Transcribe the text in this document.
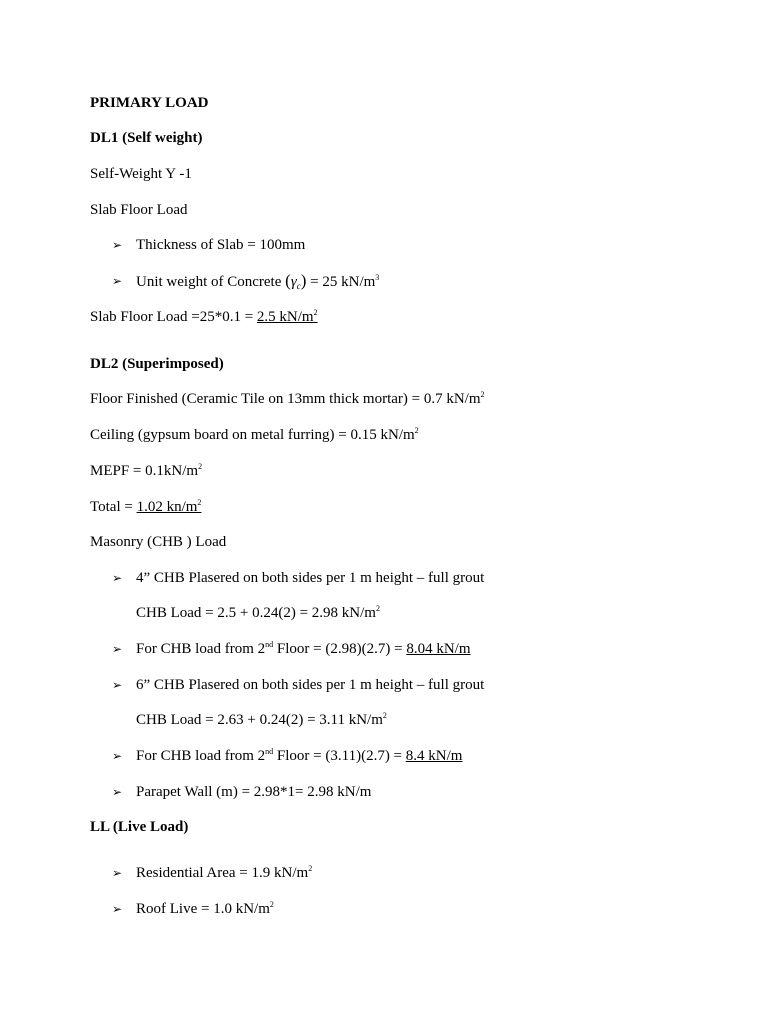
PRIMARY LOAD
DL1 (Self weight)
Self-Weight Y -1
Slab Floor Load
➢ Thickness of Slab = 100mm
➢ Unit weight of Concrete $(\gamma_c) = 25$ $kN/m^3$
Slab Floor Load =25*0.1 = 2.5 $kN/m^2$
DL2 (Superimposed)
Floor Finished (Ceramic Tile on 13mm thick mortar) = 0.7 $kN/m^2$
Ceiling (gypsum board on metal furring) = 0.15 $kN/m^2$
MEPF = $0.1kN/m^2$
Total = 1.02 $kn/m^2$
Masonry (CHB ) Load
➢ 4” CHB Plasered on both sides per 1 m height – full grout
CHB Load = 2.5 + 0.24(2) = 2.98 $kN/m^2$
➢ For CHB load from 2nd Floor = (2.98)(2.7) = 8.04 kN/m
➢ 6” CHB Plasered on both sides per 1 m height – full grout
CHB Load = 2.63 + 0.24(2) = 3.11 $kN/m^2$
➢ For CHB load from 2nd Floor = (3.11)(2.7) = 8.4 kN/m
➢ Parapet Wall (m) = 2.98*1= 2.98 kN/m
LL (Live Load)
➢ Residential Area = 1.9 $kN/m^2$
➢ Roof Live = 1.0 $kN/m^2$
